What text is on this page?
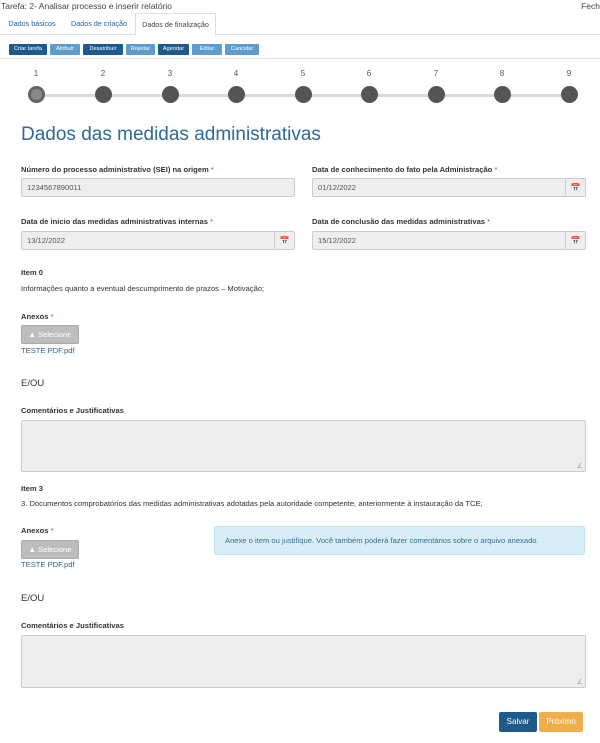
Tarefa: 2- Analisar processo e inserir relatório	Fech
Dados básicos	Dados de criação	Dados de finalização
Criar tarefa	Atribuir	Desatribuir	Rejeitar	Agendar	Editar	Cancelar
1	2	3	4	5	6	7	8	9
Dados das medidas administrativas
Número do processo administrativo (SEI) na origem *
1234567890011
Data de conhecimento do fato pela Administração *
01/12/2022	📅
Data de inicio das medidas administrativas internas *
13/12/2022	📅
Data de conclusão das medidas administrativas *
15/12/2022	📅
Item 0
Informações quanto a eventual descumprimento de prazos – Motivação;
Anexos *
▲ Selecione
TESTE PDF.pdf
E/OU
Comentários e Justificativas
∠
Item 3
3. Documentos comprobatórios das medidas administrativas adotadas pela autoridade competente, anteriormente à instauração da TCE;
Anexos *
▲ Selecione
TESTE PDF.pdf
Anexe o item ou justifique. Você também poderá fazer comentários sobre o arquivo anexado.
E/OU
Comentários e Justificativas
∠
Salvar	Próximo
